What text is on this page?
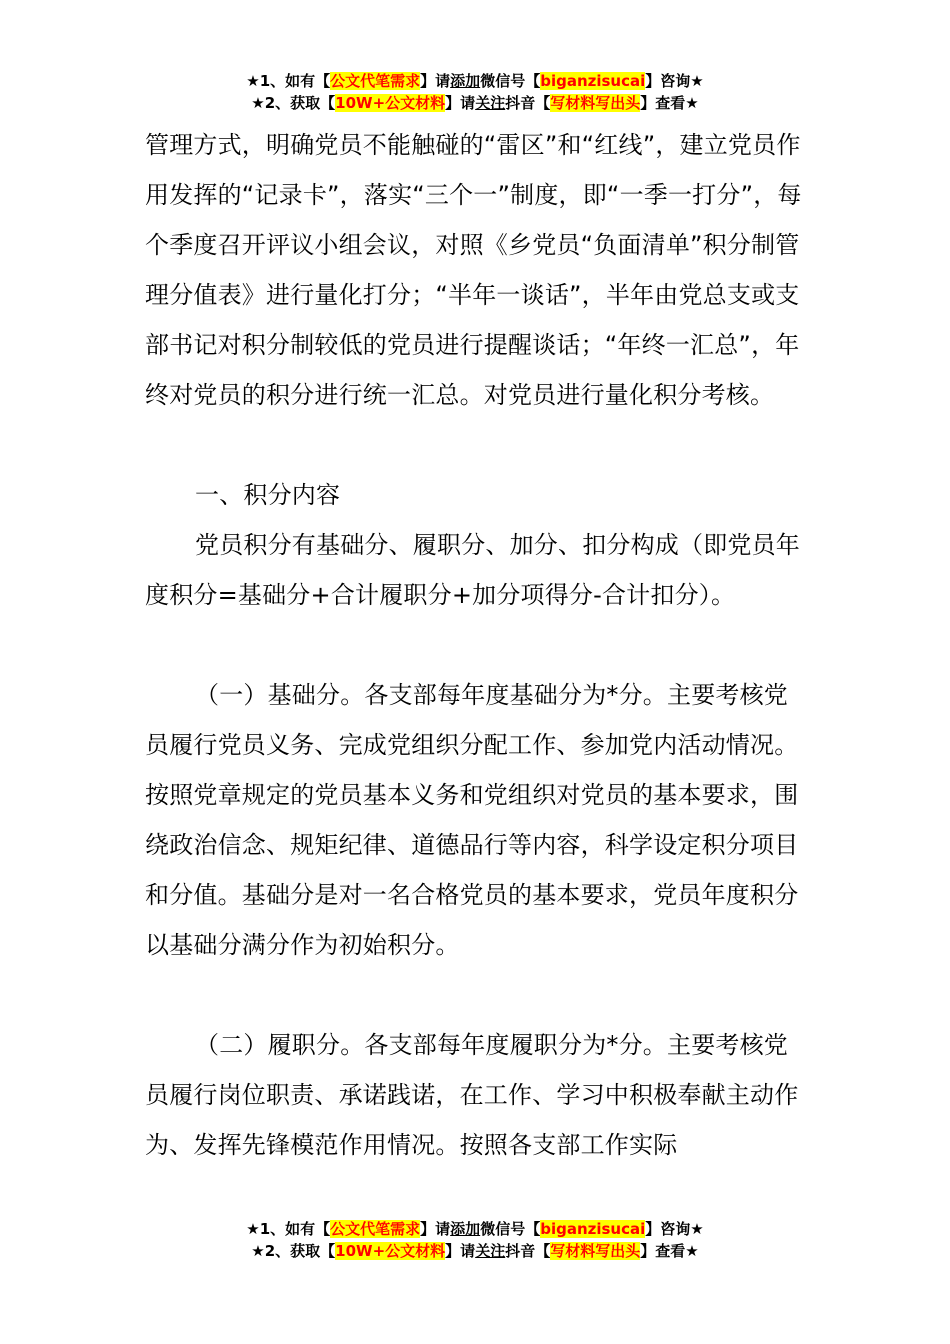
★1、如有【公文代笔需求】请添加微信号【biganzisucai】咨询★
★2、获取【10W+公文材料】请关注抖音【写材料写出头】查看★

管理方式，明确党员不能触碰的“雷区”和“红线”，建立党员作用发挥的“记录卡”，落实“三个一”制度，即“一季一打分”，每个季度召开评议小组会议，对照《乡党员“负面清单”积分制管理分值表》进行量化打分；“半年一谈话”，半年由党总支或支部书记对积分制较低的党员进行提醒谈话；“年终一汇总”，年终对党员的积分进行统一汇总。对党员进行量化积分考核。

一、积分内容

党员积分有基础分、履职分、加分、扣分构成（即党员年度积分=基础分+合计履职分+加分项得分-合计扣分）。

（一）基础分。各支部每年度基础分为*分。主要考核党员履行党员义务、完成党组织分配工作、参加党内活动情况。按照党章规定的党员基本义务和党组织对党员的基本要求，围绕政治信念、规矩纪律、道德品行等内容，科学设定积分项目和分值。基础分是对一名合格党员的基本要求，党员年度积分以基础分满分作为初始积分。

（二）履职分。各支部每年度履职分为*分。主要考核党员履行岗位职责、承诺践诺，在工作、学习中积极奉献主动作为、发挥先锋模范作用情况。按照各支部工作实际

★1、如有【公文代笔需求】请添加微信号【biganzisucai】咨询★
★2、获取【10W+公文材料】请关注抖音【写材料写出头】查看★
